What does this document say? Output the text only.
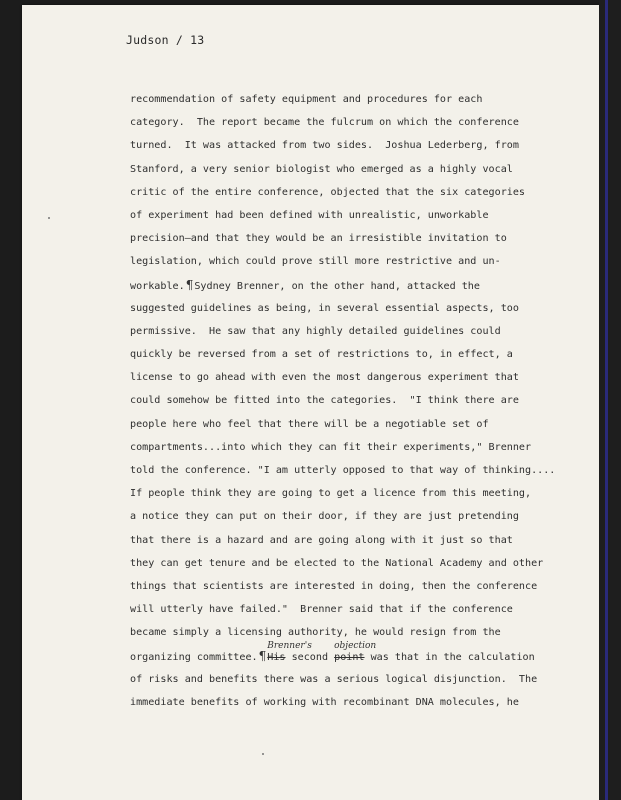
Judson / 13
recommendation of safety equipment and procedures for each
category.  The report became the fulcrum on which the conference
turned.  It was attacked from two sides.  Joshua Lederberg, from
Stanford, a very senior biologist who emerged as a highly vocal
critic of the entire conference, objected that the six categories
of experiment had been defined with unrealistic, unworkable
precision—and that they would be an irresistible invitation to
legislation, which could prove still more restrictive and un-
workable.¶Sydney Brenner, on the other hand, attacked the
suggested guidelines as being, in several essential aspects, too
permissive.  He saw that any highly detailed guidelines could
quickly be reversed from a set of restrictions to, in effect, a
license to go ahead with even the most dangerous experiment that
could somehow be fitted into the categories.  "I think there are
people here who feel that there will be a negotiable set of
compartments...into which they can fit their experiments," Brenner
told the conference. "I am utterly opposed to that way of thinking....
If people think they are going to get a licence from this meeting,
a notice they can put on their door, if they are just pretending
that there is a hazard and are going along with it just so that
they can get tenure and be elected to the National Academy and other
things that scientists are interested in doing, then the conference
will utterly have failed."  Brenner said that if the conference
became simply a licensing authority, he would resign from the
organizing committee.¶His
Brenner's
second point
objection
was that in the calculation
of risks and benefits there was a serious logical disjunction.  The
immediate benefits of working with recombinant DNA molecules, he
